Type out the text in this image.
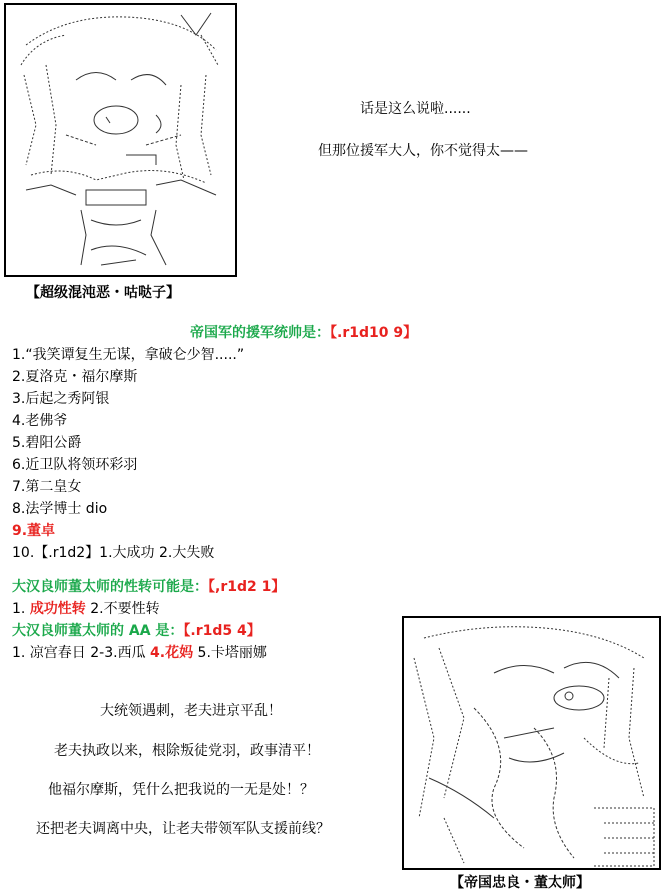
【超级混沌恶・咕哒子】
话是这么说啦......
但那位援军大人，你不觉得太——
帝国军的援军统帅是：【.r1d10 9】
1.“我笑谭复生无谋，拿破仑少智.....”
2.夏洛克・福尔摩斯
3.后起之秀阿银
4.老佛爷
5.碧阳公爵
6.近卫队将领环彩羽
7.第二皇女
8.法学博士 dio
9.董卓
10.【.r1d2】1.大成功 2.大失败
大汉良师董太师的性转可能是：【,r1d2 1】
1. 成功性转 2.不要性转
大汉良师董太师的 AA 是：【.r1d5 4】
1. 凉宫春日 2-3.西瓜 4.花妈 5.卡塔丽娜
大统领遇刺，老夫进京平乱！
老夫执政以来，根除叛徒党羽，政事清平！
他福尔摩斯，凭什么把我说的一无是处！？
还把老夫调离中央，让老夫带领军队支援前线？
【帝国忠良・董太师】
